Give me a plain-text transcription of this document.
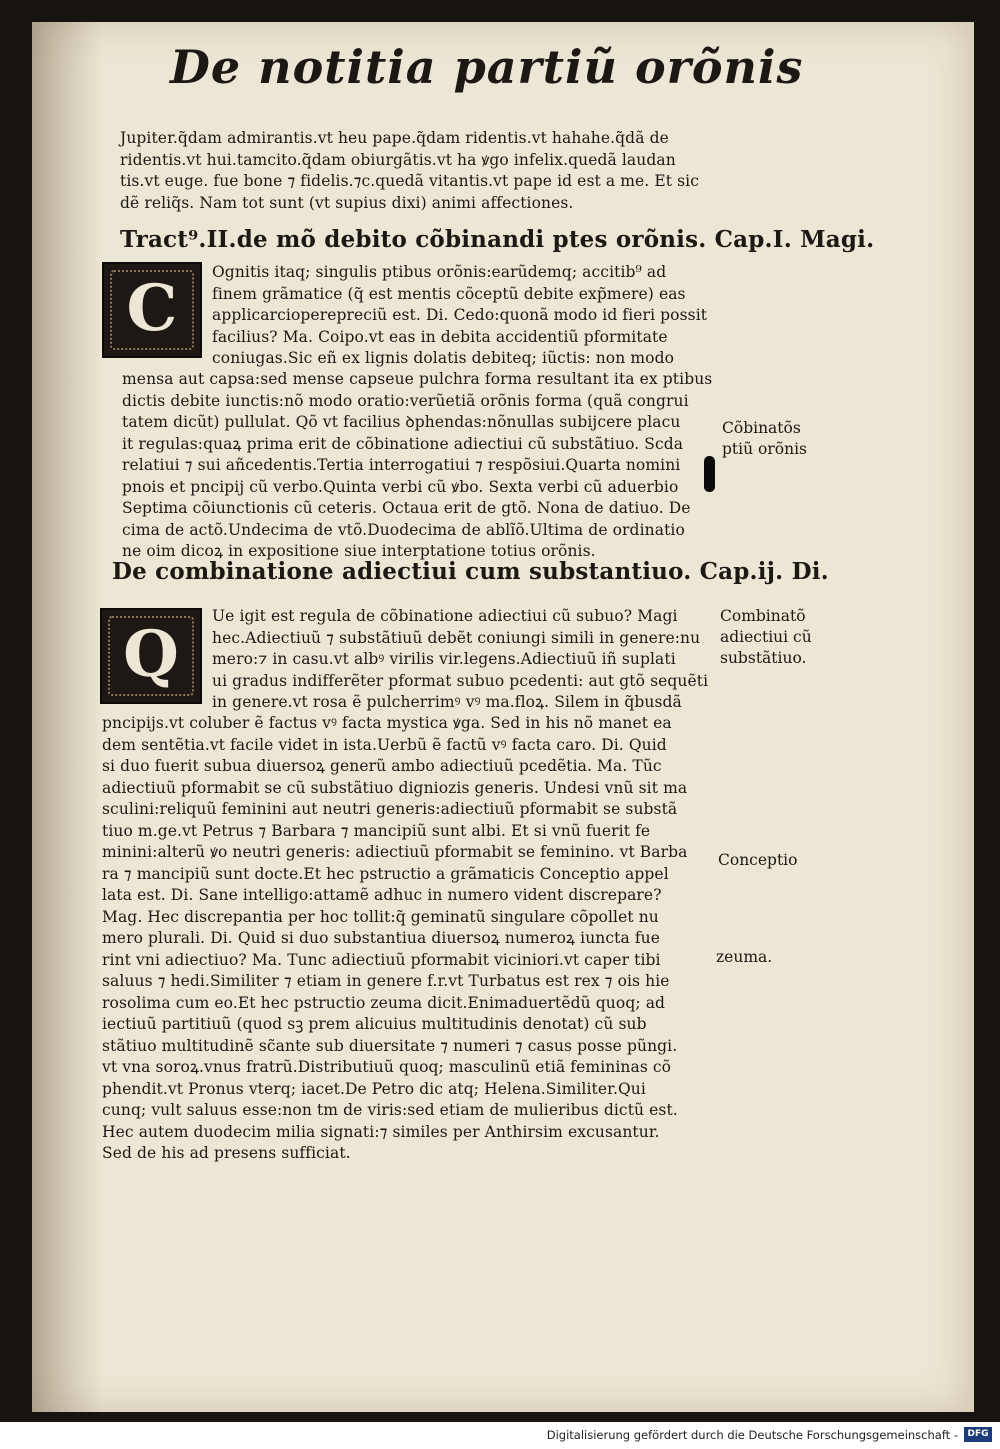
De notitia partiũ orõnis
Jupiter.q̃dam admirantis.vt heu pape.q̃dam ridentis.vt hahahe.q̃dã de
ridentis.vt hui.tamcito.q̃dam obiurgãtis.vt ha ꝟgo infelix.quedã laudan
tis.vt euge. fue bone ⁊ fidelis.⁊c.quedã vitantis.vt pape id est a me. Et sic
dẽ reliq̃s. Nam tot sunt (vt supius dixi) animi affectiones.
Tract⁹.II.de mõ debito cõbinandi ptes orõnis. Cap.I. Magi.
C Ognitis itaq; singulis ptibus orõnis:earũdemq; accitib⁹ ad
finem grãmatice (q̃ est mentis cõceptũ debite exp̃mere) eas
applicarcioperepreciũ est. Di. Cedo:quonã modo id fieri possit
facilius? Ma. Coipo.vt eas in debita accidentiũ pformitate
coniugas.Sic eñ ex lignis dolatis debiteq; iũctis: non modo
mensa aut capsa:sed mense capseue pulchra forma resultant ita ex ptibus
dictis debite iunctis:nõ modo oratio:verũetiã orõnis forma (quã congrui
tatem dicũt) pullulat. Qõ vt facilius ꝺphendas:nõnullas subijcere placu
it regulas:quaꝝ prima erit de cõbinatione adiectiui cũ substãtiuo. Scda
relatiui ⁊ sui añcedentis.Tertia interrogatiui ⁊ respõsiui.Quarta nomini
pnois et pncipij cũ verbo.Quinta verbi cũ ꝟbo. Sexta verbi cũ aduerbio
Septima cõiunctionis cũ ceteris. Octaua erit de gtõ. Nona de datiuo. De
cima de actõ.Undecima de vtõ.Duodecima de ablĩõ.Ultima de ordinatio
ne oim dicoꝝ in expositione siue interptatione totius orõnis.
Cõbinatõs
ptiũ orõnis
De combinatione adiectiui cum substantiuo. Cap.ij. Di.
Q
Ue igit est regula de cõbinatione adiectiui cũ subuo? Magi
hec.Adiectiuũ ⁊ substãtiuũ debẽt coniungi simili in genere:nu
mero:⁊ in casu.vt albꝰ virilis vir.legens.Adiectiuũ iñ suplati
ui gradus indifferẽter pformat subuo pcedenti: aut gtõ sequẽti
in genere.vt rosa ẽ pulcherrimꝰ vꝰ ma.floꝝ. Silem in q̃busdã
pncipijs.vt coluber ẽ factus vꝰ facta mystica ꝟga. Sed in his nõ manet ea
dem sentẽtia.vt facile videt in ista.Uerbũ ẽ factũ vꝰ facta caro. Di. Quid
si duo fuerit subua diuersoꝝ generũ ambo adiectiuũ pcedẽtia. Ma. Tũc
adiectiuũ pformabit se cũ substãtiuo digniozis generis. Undesi vnũ sit ma
sculini:reliquũ feminini aut neutri generis:adiectiuũ pformabit se substã
tiuo m.ge.vt Petrus ⁊ Barbara ⁊ mancipiũ sunt albi. Et si vnũ fuerit fe
minini:alterũ ꝟo neutri generis: adiectiuũ pformabit se feminino. vt Barba
ra ⁊ mancipiũ sunt docte.Et hec pstructio a grãmaticis Conceptio appel
lata est. Di. Sane intelligo:attamẽ adhuc in numero vident discrepare?
Mag. Hec discrepantia per hoc tollit:q̃ geminatũ singulare cõpollet nu
mero plurali. Di. Quid si duo substantiua diuersoꝝ numeroꝝ iuncta fue
rint vni adiectiuo? Ma. Tunc adiectiuũ pformabit viciniori.vt caper tibi
saluus ⁊ hedi.Similiter ⁊ etiam in genere f.r.vt Turbatus est rex ⁊ ois hie
rosolima cum eo.Et hec pstructio zeuma dicit.Enimaduertẽdũ quoq; ad
iectiuũ partitiuũ (quod sꝫ prem alicuius multitudinis denotat) cũ sub
stãtiuo multitudinẽ sc̃ante sub diuersitate ⁊ numeri ⁊ casus posse pũngi.
vt vna soroꝝ.vnus fratrũ.Distributiuũ quoq; masculinũ etiã femininas cõ
phendit.vt Pronus vterq; iacet.De Petro dic atq; Helena.Similiter.Qui
cunq; vult saluus esse:non tm de viris:sed etiam de mulieribus dictũ est.
Hec autem duodecim milia signati:⁊ similes per Anthirsim excusantur.
Sed de his ad presens sufficiat.
Combinatõ
adiectiui cũ
substãtiuo.
Conceptio
zeuma.
Digitalisierung gefördert durch die Deutsche Forschungsgemeinschaft -	DFG
